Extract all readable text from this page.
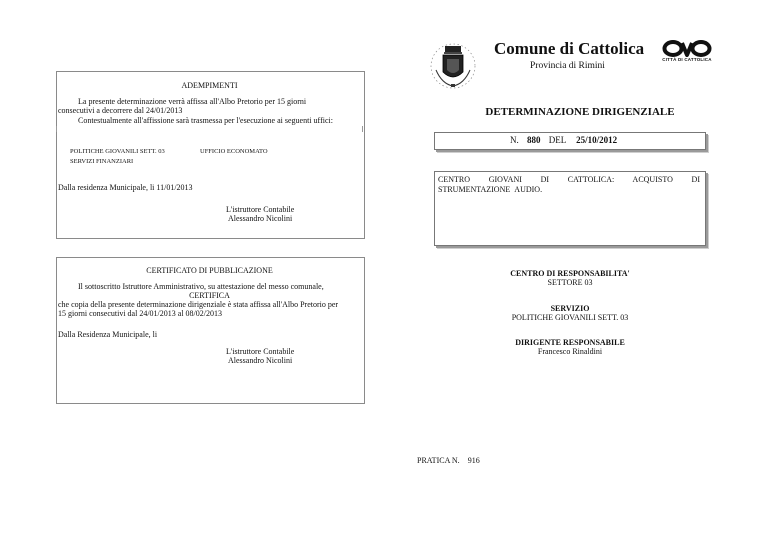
Comune di Cattolica
Provincia di Rimini
CITTÀ DI CATTOLICA
ADEMPIMENTI
La presente determinazione verrà affissa all'Albo Pretorio per 15 giorni
consecutivi a decorrere dal 24/01/2013
Contestualmente all'affissione sarà trasmessa per l'esecuzione ai seguenti uffici:
POLITICHE GIOVANILI SETT. 03	UFFICIO ECONOMATO
SERVIZI FINANZIARI
Dalla residenza Municipale, li 11/01/2013
L'istruttore Contabile
Alessandro Nicolini
CERTIFICATO DI PUBBLICAZIONE
Il sottoscritto Istruttore Amministrativo, su attestazione del messo comunale,
CERTIFICA
che copia della presente determinazione dirigenziale è stata affissa all'Albo Pretorio per
15 giorni consecutivi dal 24/01/2013 al 08/02/2013
Dalla Residenza Municipale, li
L'istruttore Contabile
Alessandro Nicolini
DETERMINAZIONE DIRIGENZIALE
N. 880 DEL 25/10/2012
CENTRO GIOVANI DI CATTOLICA: ACQUISTO DI STRUMENTAZIONE AUDIO.
CENTRO DI RESPONSABILITA'
SETTORE 03
SERVIZIO
POLITICHE GIOVANILI SETT. 03
DIRIGENTE RESPONSABILE
Francesco Rinaldini
PRATICA N. 916
